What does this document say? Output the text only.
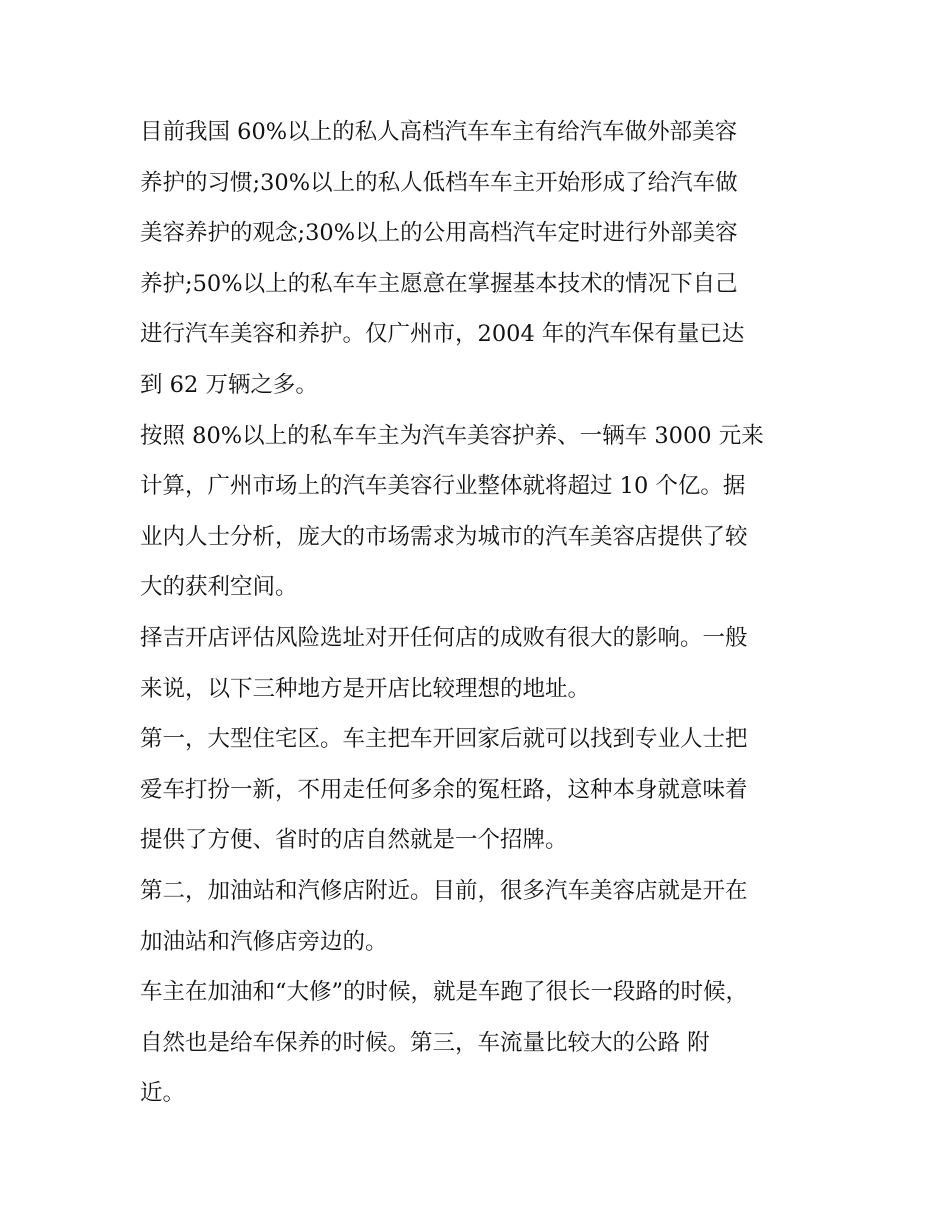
目前我国 60%以上的私人高档汽车车主有给汽车做外部美容
养护的习惯;30%以上的私人低档车车主开始形成了给汽车做
美容养护的观念;30%以上的公用高档汽车定时进行外部美容
养护;50%以上的私车车主愿意在掌握基本技术的情况下自己
进行汽车美容和养护。仅广州市，2004 年的汽车保有量已达
到 62 万辆之多。
按照 80%以上的私车车主为汽车美容护养、一辆车 3000 元来
计算，广州市场上的汽车美容行业整体就将超过 10 个亿。据
业内人士分析，庞大的市场需求为城市的汽车美容店提供了较
大的获利空间。
择吉开店评估风险选址对开任何店的成败有很大的影响。一般
来说，以下三种地方是开店比较理想的地址。
第一，大型住宅区。车主把车开回家后就可以找到专业人士把
爱车打扮一新，不用走任何多余的冤枉路，这种本身就意味着
提供了方便、省时的店自然就是一个招牌。
第二，加油站和汽修店附近。目前，很多汽车美容店就是开在
加油站和汽修店旁边的。
车主在加油和“大修”的时候，就是车跑了很长一段路的时候，
自然也是给车保养的时候。第三，车流量比较大的公路 附
近。
